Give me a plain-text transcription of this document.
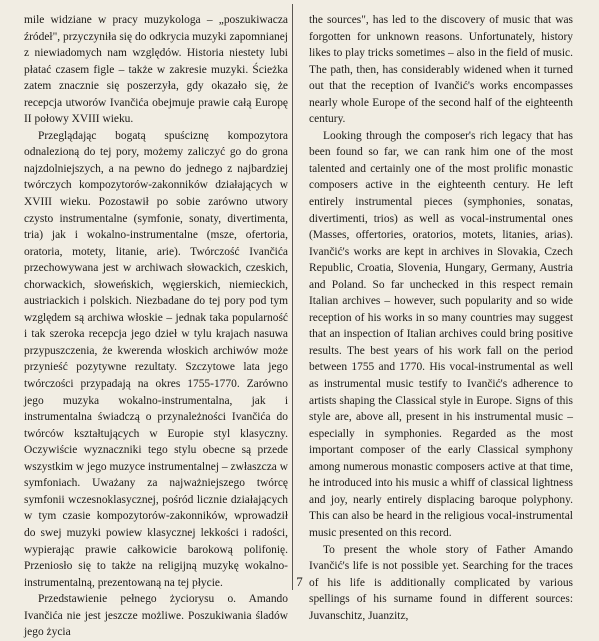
mile widziane w pracy muzykologa – „poszukiwacza źródeł", przyczyniła się do odkrycia muzyki zapomnianej z niewiadomych nam względów. Historia niestety lubi płatać czasem figle – także w zakresie muzyki. Ścieżka zatem znacznie się poszerzyła, gdy okazało się, że recepcja utworów Ivančića obejmuje prawie całą Europę II połowy XVIII wieku.

Przeglądając bogatą spuściznę kompozytora odnalezioną do tej pory, możemy zaliczyć go do grona najzdolniejszych, a na pewno do jednego z najbardziej twórczych kompozytorów-zakonników działających w XVIII wieku. Pozostawił po sobie zarówno utwory czysto instrumentalne (symfonie, sonaty, divertimenta, tria) jak i wokalno-instrumentalne (msze, ofertoria, oratoria, motety, litanie, arie). Twórczość Ivančića przechowywana jest w archiwach słowackich, czeskich, chorwackich, słoweńskich, węgierskich, niemieckich, austriackich i polskich. Niezbadane do tej pory pod tym względem są archiwa włoskie – jednak taka popularność i tak szeroka recepcja jego dzieł w tylu krajach nasuwa przypuszczenia, że kwerenda włoskich archiwów może przynieść pozytywne rezultaty. Szczytowe lata jego twórczości przypadają na okres 1755-1770. Zarówno jego muzyka wokalno-instrumentalna, jak i instrumentalna świadczą o przynależności Ivančića do twórców kształtujących w Europie styl klasyczny. Oczywiście wyznaczniki tego stylu obecne są przede wszystkim w jego muzyce instrumentalnej – zwłaszcza w symfoniach. Uważany za najważniejszego twórcę symfonii wczesnoklasycznej, pośród licznie działających w tym czasie kompozytorów-zakonników, wprowadził do swej muzyki powiew klasycznej lekkości i radości, wypierając prawie całkowicie barokową polifonię. Przeniosło się to także na religijną muzykę wokalno-instrumentalną, prezentowaną na tej płycie.

Przedstawienie pełnego życiorysu o. Amando Ivančića nie jest jeszcze możliwe. Poszukiwania śladów jego życia

the sources", has led to the discovery of music that was forgotten for unknown reasons. Unfortunately, history likes to play tricks sometimes – also in the field of music. The path, then, has considerably widened when it turned out that the reception of Ivančić's works encompasses nearly whole Europe of the second half of the eighteenth century.

Looking through the composer's rich legacy that has been found so far, we can rank him one of the most talented and certainly one of the most prolific monastic composers active in the eighteenth century. He left entirely instrumental pieces (symphonies, sonatas, divertimenti, trios) as well as vocal-instrumental ones (Masses, offertories, oratorios, motets, litanies, arias). Ivančić's works are kept in archives in Slovakia, Czech Republic, Croatia, Slovenia, Hungary, Germany, Austria and Poland. So far unchecked in this respect remain Italian archives – however, such popularity and so wide reception of his works in so many countries may suggest that an inspection of Italian archives could bring positive results. The best years of his work fall on the period between 1755 and 1770. His vocal-instrumental as well as instrumental music testify to Ivančić's adherence to artists shaping the Classical style in Europe. Signs of this style are, above all, present in his instrumental music – especially in symphonies. Regarded as the most important composer of the early Classical symphony among numerous monastic composers active at that time, he introduced into his music a whiff of classical lightness and joy, nearly entirely displacing baroque polyphony. This can also be heard in the religious vocal-instrumental music presented on this record.

To present the whole story of Father Amando Ivančić's life is not possible yet. Searching for the traces of his life is additionally complicated by various spellings of his surname found in different sources: Juvanschitz, Juanzitz,

7
